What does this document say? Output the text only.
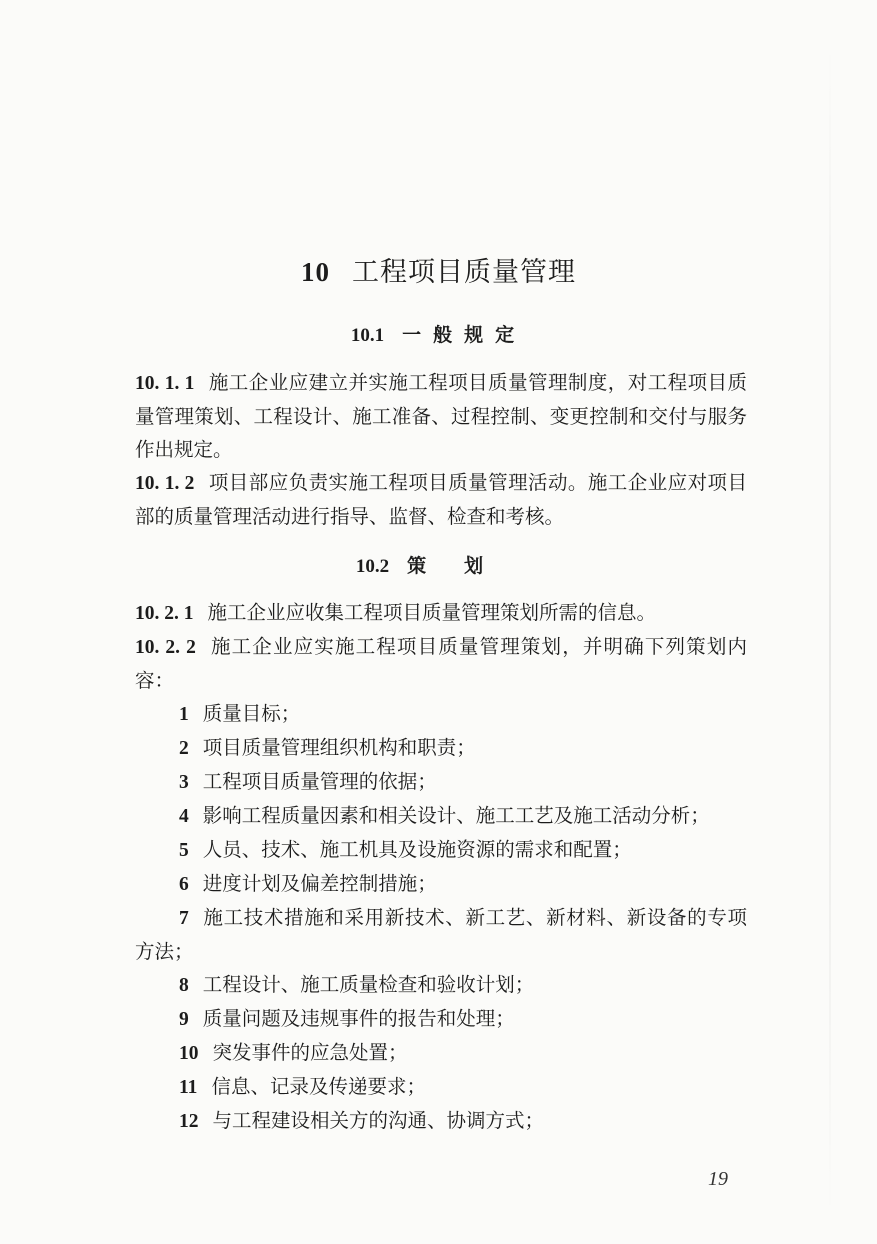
10 工程项目质量管理
10.1 一般规定

10. 1. 1 施工企业应建立并实施工程项目质量管理制度，对工程项目质量管理策划、工程设计、施工准备、过程控制、变更控制和交付与服务作出规定。

10. 1. 2 项目部应负责实施工程项目质量管理活动。施工企业应对项目部的质量管理活动进行指导、监督、检查和考核。

10.2 策划

10. 2. 1 施工企业应收集工程项目质量管理策划所需的信息。

10. 2. 2 施工企业应实施工程项目质量管理策划，并明确下列策划内容：

1 质量目标；

2 项目质量管理组织机构和职责；

3 工程项目质量管理的依据；

4 影响工程质量因素和相关设计、施工工艺及施工活动分析；

5 人员、技术、施工机具及设施资源的需求和配置；

6 进度计划及偏差控制措施；

7 施工技术措施和采用新技术、新工艺、新材料、新设备的专项方法；

8 工程设计、施工质量检查和验收计划；

9 质量问题及违规事件的报告和处理；

10 突发事件的应急处置；

11 信息、记录及传递要求；

12 与工程建设相关方的沟通、协调方式；

19
